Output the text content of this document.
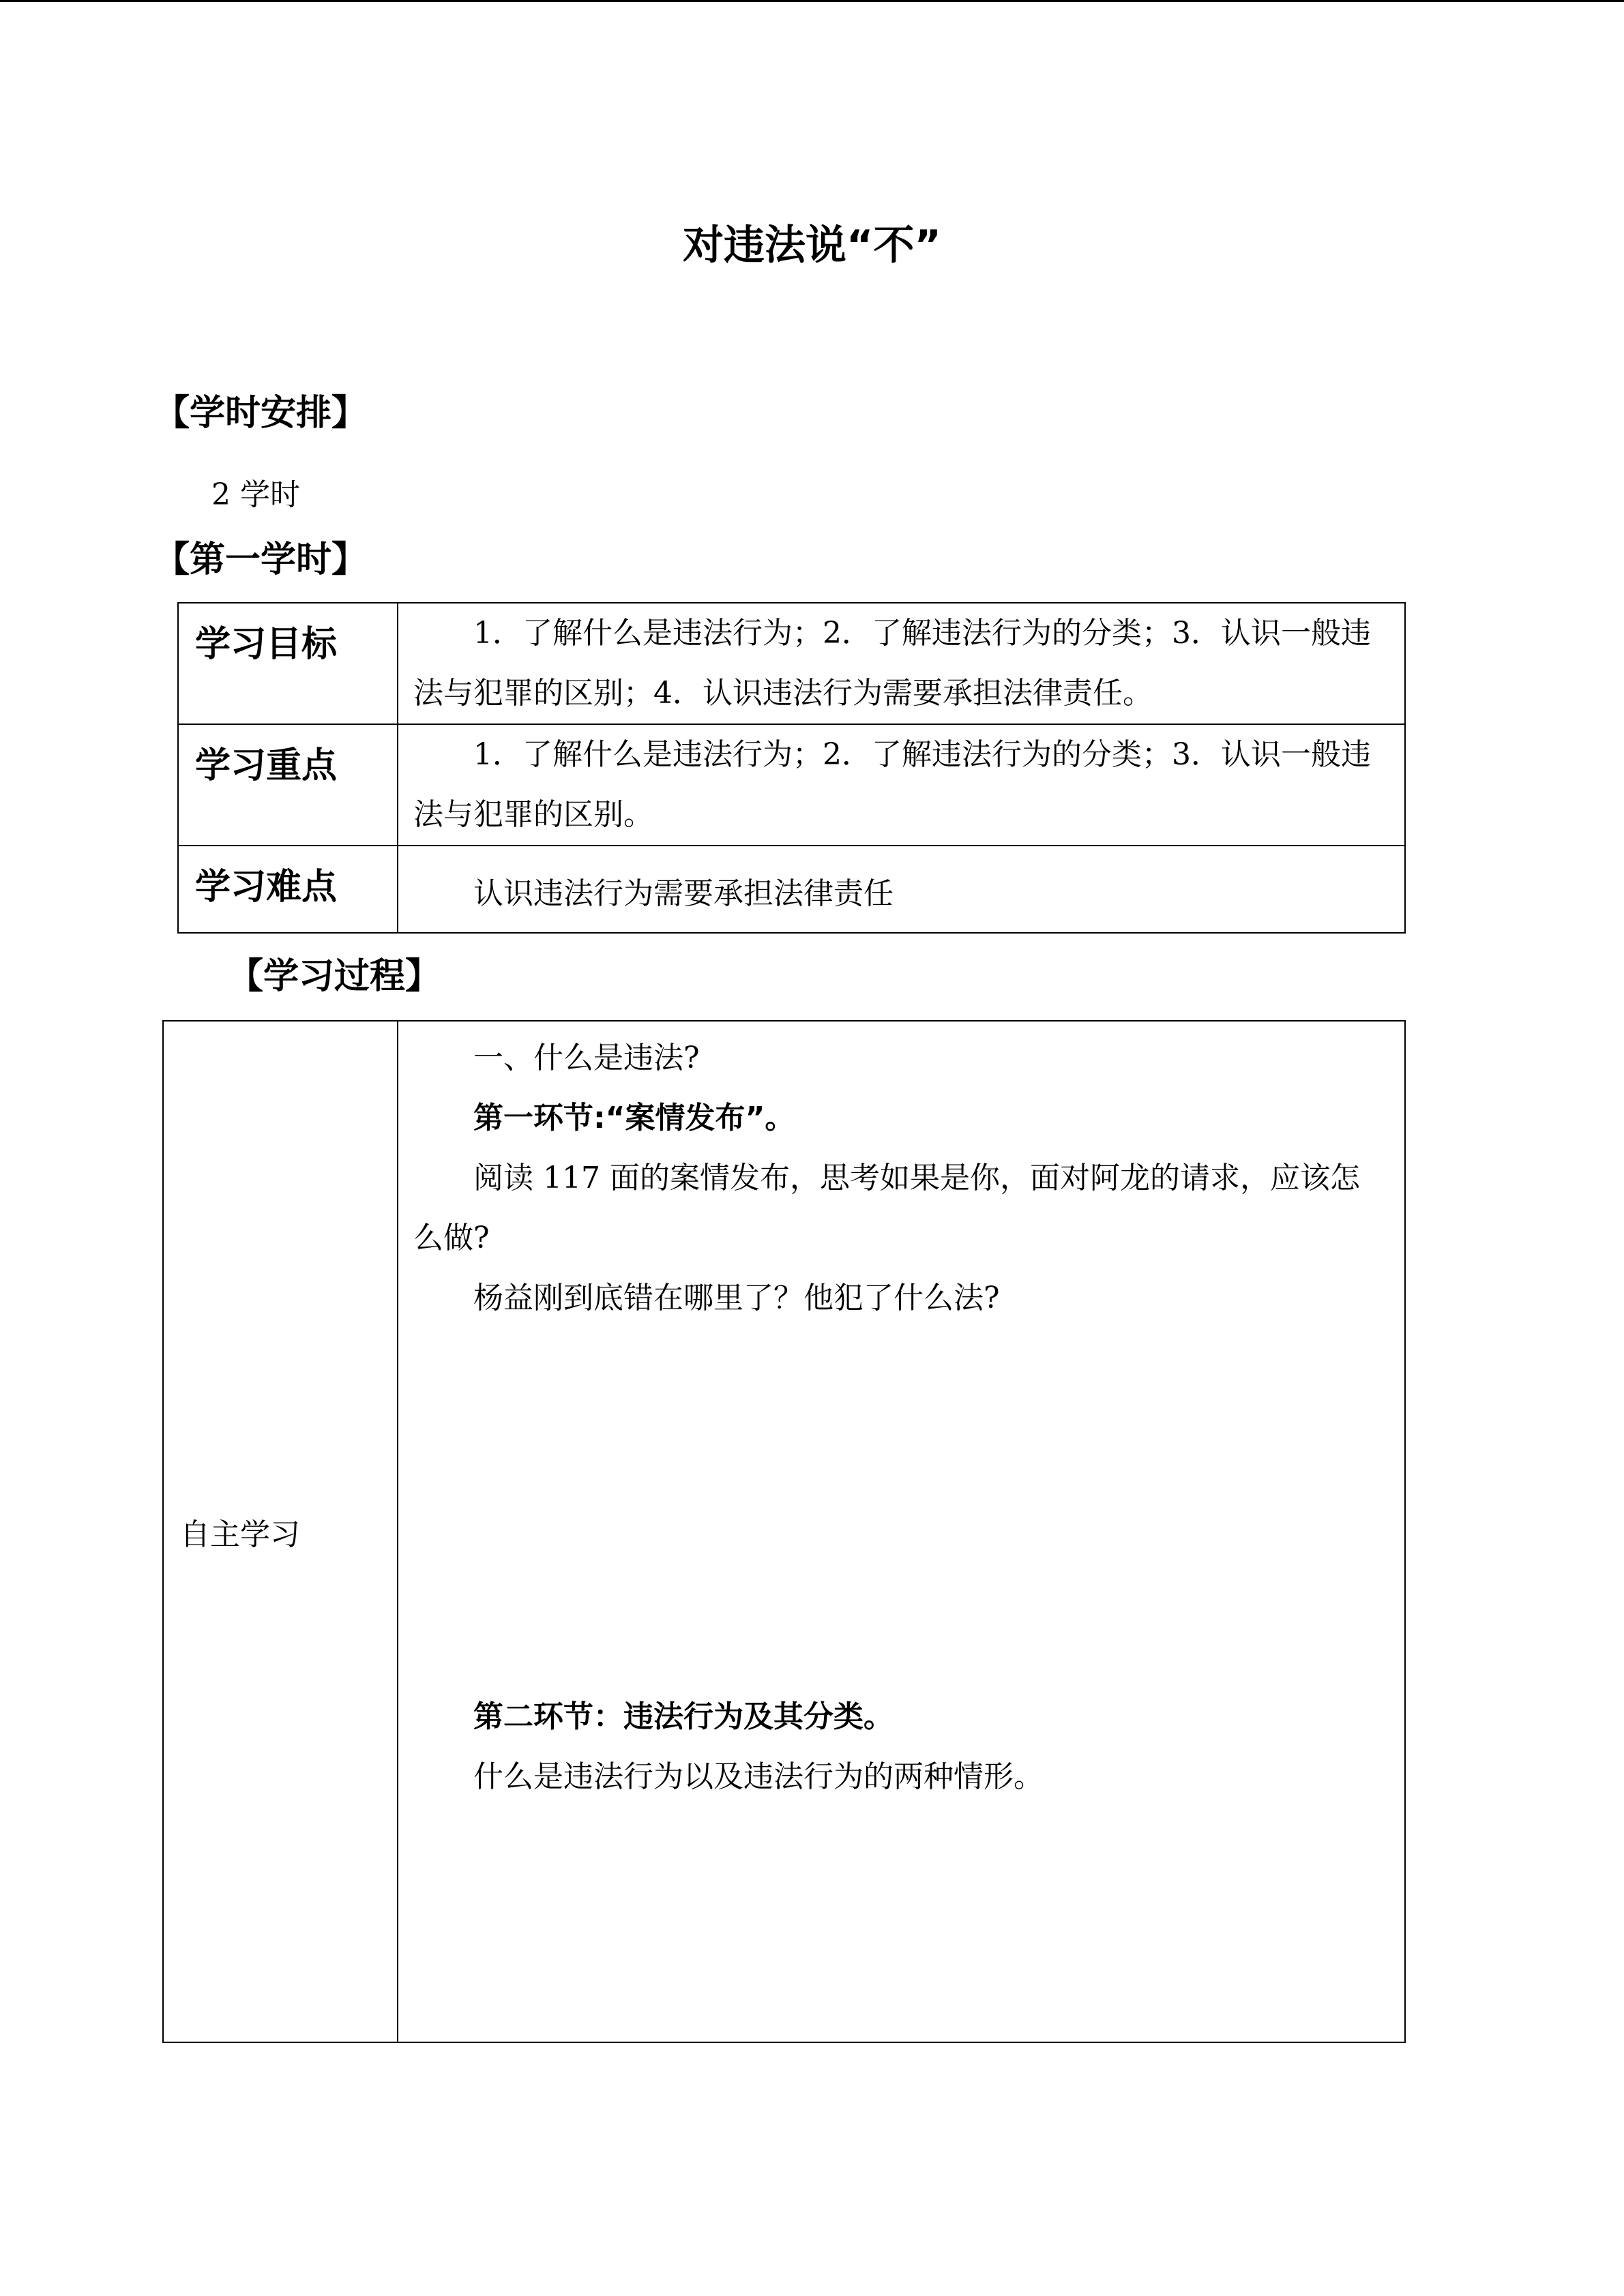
对违法说“不”
【学时安排】
2 学时
【第一学时】
学习目标	1．了解什么是违法行为；2．了解违法行为的分类；3．认识一般违法与犯罪的区别；4．认识违法行为需要承担法律责任。

学习重点	1．了解什么是违法行为；2．了解违法行为的分类；3．认识一般违法与犯罪的区别。

学习难点	认识违法行为需要承担法律责任
【学习过程】
自主学习	

一、什么是违法?

第一环节:“案情发布”。

阅读 117 面的案情发布，思考如果是你，面对阿龙的请求，应该怎么做?

杨益刚到底错在哪里了？他犯了什么法?

第二环节：违法行为及其分类。

什么是违法行为以及违法行为的两种情形。
